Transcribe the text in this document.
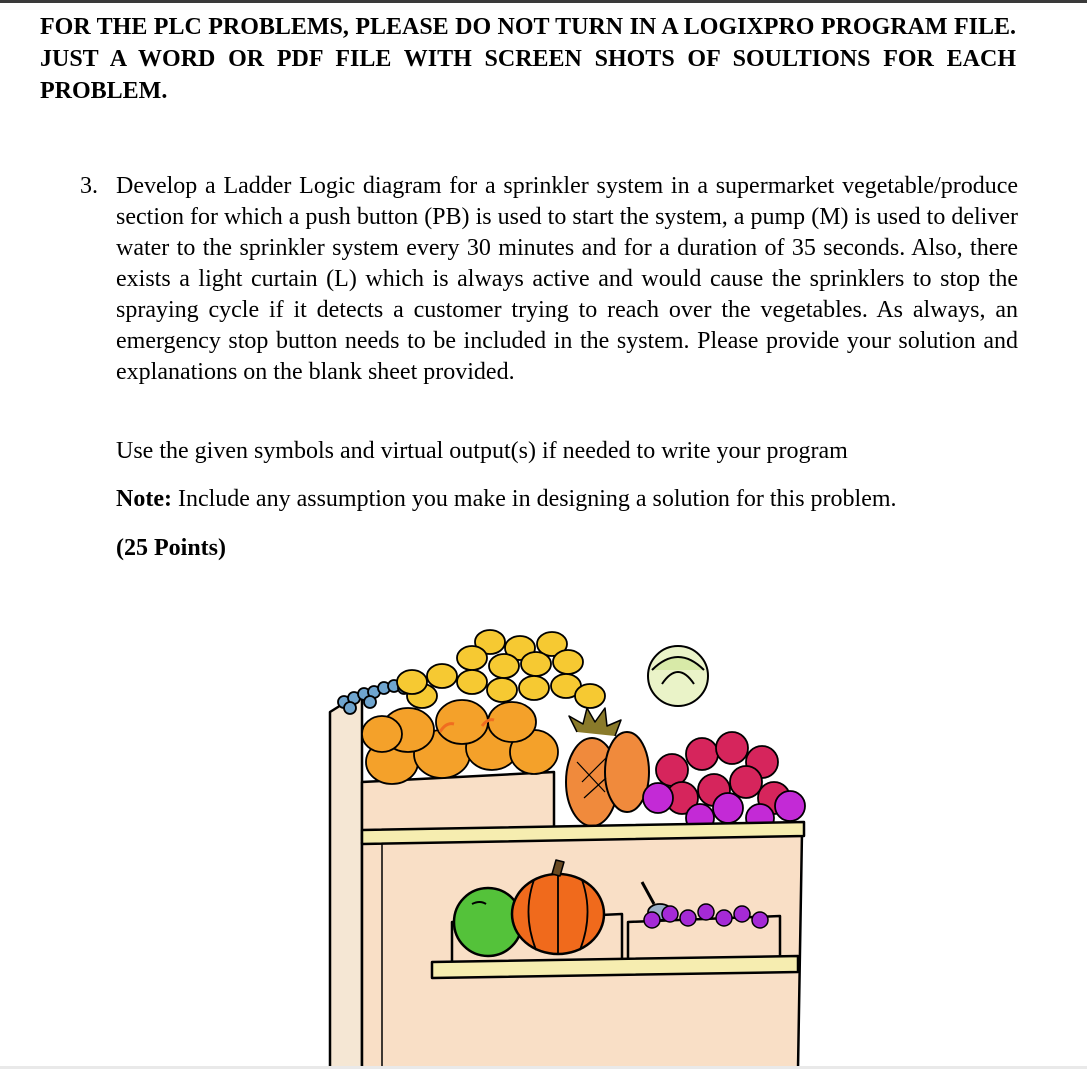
FOR THE PLC PROBLEMS, PLEASE DO NOT TURN IN A LOGIXPRO PROGRAM FILE. JUST A WORD OR PDF FILE WITH SCREEN SHOTS OF SOULTIONS FOR EACH PROBLEM.

3. Develop a Ladder Logic diagram for a sprinkler system in a supermarket vegetable/produce section for which a push button (PB) is used to start the system, a pump (M) is used to deliver water to the sprinkler system every 30 minutes and for a duration of 35 seconds. Also, there exists a light curtain (L) which is always active and would cause the sprinklers to stop the spraying cycle if it detects a customer trying to reach over the vegetables. As always, an emergency stop button needs to be included in the system. Please provide your solution and explanations on the blank sheet provided.

Use the given symbols and virtual output(s) if needed to write your program

Note: Include any assumption you make in designing a solution for this problem.

(25 Points)
